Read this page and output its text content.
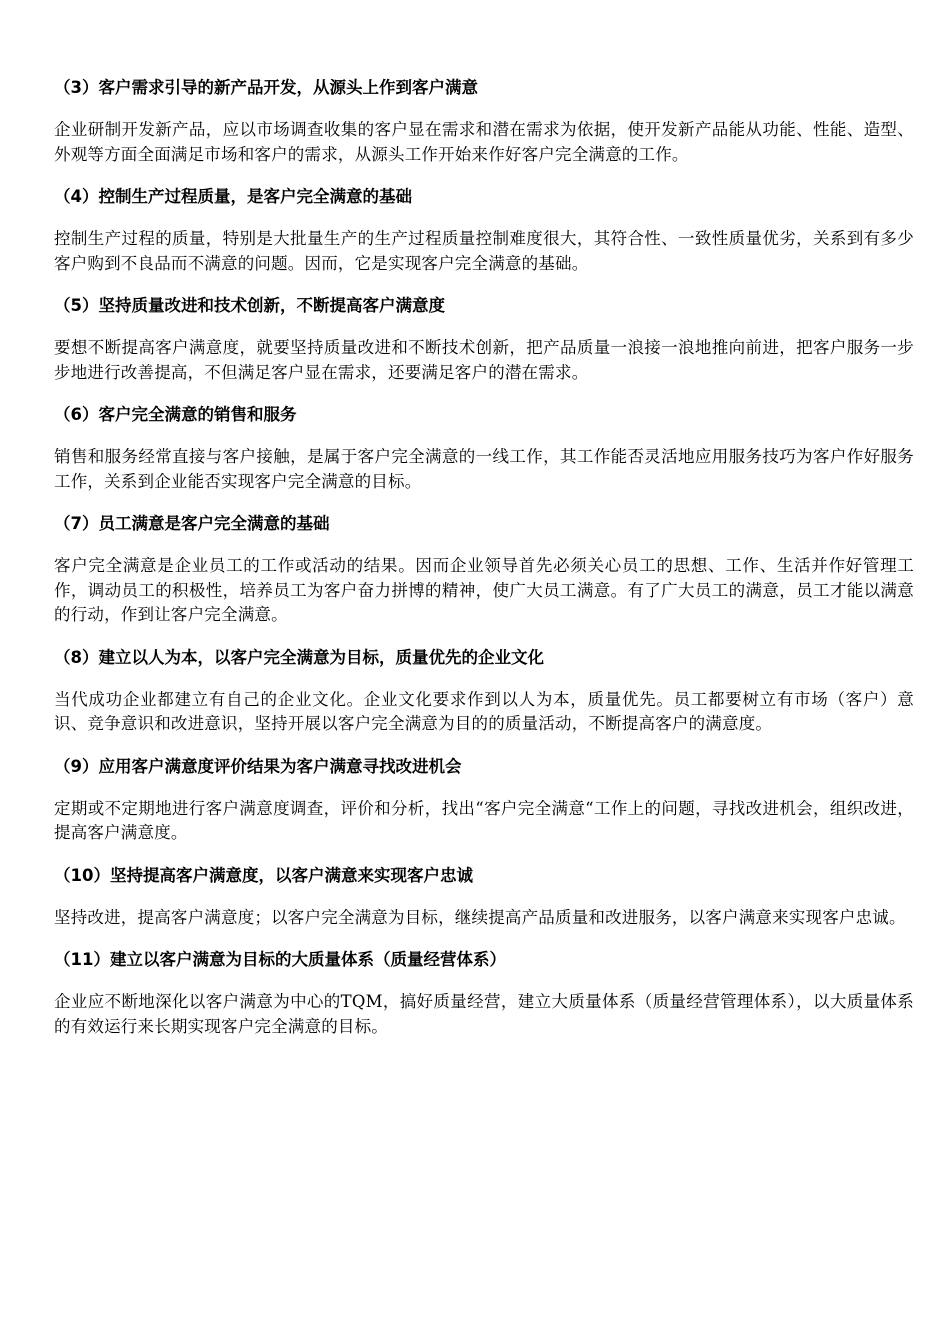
（3）客户需求引导的新产品开发，从源头上作到客户满意

企业研制开发新产品，应以市场调查收集的客户显在需求和潜在需求为依据，使开发新产品能从功能、性能、造型、外观等方面全面满足市场和客户的需求，从源头工作开始来作好客户完全满意的工作。

（4）控制生产过程质量，是客户完全满意的基础

控制生产过程的质量，特别是大批量生产的生产过程质量控制难度很大，其符合性、一致性质量优劣，关系到有多少客户购到不良品而不满意的问题。因而，它是实现客户完全满意的基础。

（5）坚持质量改进和技术创新，不断提高客户满意度

要想不断提高客户满意度，就要坚持质量改进和不断技术创新，把产品质量一浪接一浪地推向前进，把客户服务一步步地进行改善提高，不但满足客户显在需求，还要满足客户的潜在需求。

（6）客户完全满意的销售和服务

销售和服务经常直接与客户接触，是属于客户完全满意的一线工作，其工作能否灵活地应用服务技巧为客户作好服务工作，关系到企业能否实现客户完全满意的目标。

（7）员工满意是客户完全满意的基础

客户完全满意是企业员工的工作或活动的结果。因而企业领导首先必须关心员工的思想、工作、生活并作好管理工作，调动员工的积极性，培养员工为客户奋力拼博的精神，使广大员工满意。有了广大员工的满意，员工才能以满意的行动，作到让客户完全满意。

（8）建立以人为本，以客户完全满意为目标，质量优先的企业文化

当代成功企业都建立有自己的企业文化。企业文化要求作到以人为本，质量优先。员工都要树立有市场（客户）意识、竞争意识和改进意识，坚持开展以客户完全满意为目的的质量活动，不断提高客户的满意度。

（9）应用客户满意度评价结果为客户满意寻找改进机会

定期或不定期地进行客户满意度调查，评价和分析，找出“客户完全满意“工作上的问题，寻找改进机会，组织改进，提高客户满意度。

（10）坚持提高客户满意度，以客户满意来实现客户忠诚

坚持改进，提高客户满意度；以客户完全满意为目标，继续提高产品质量和改进服务，以客户满意来实现客户忠诚。

（11）建立以客户满意为目标的大质量体系（质量经营体系）

企业应不断地深化以客户满意为中心的TQM，搞好质量经营，建立大质量体系（质量经营管理体系），以大质量体系的有效运行来长期实现客户完全满意的目标。
